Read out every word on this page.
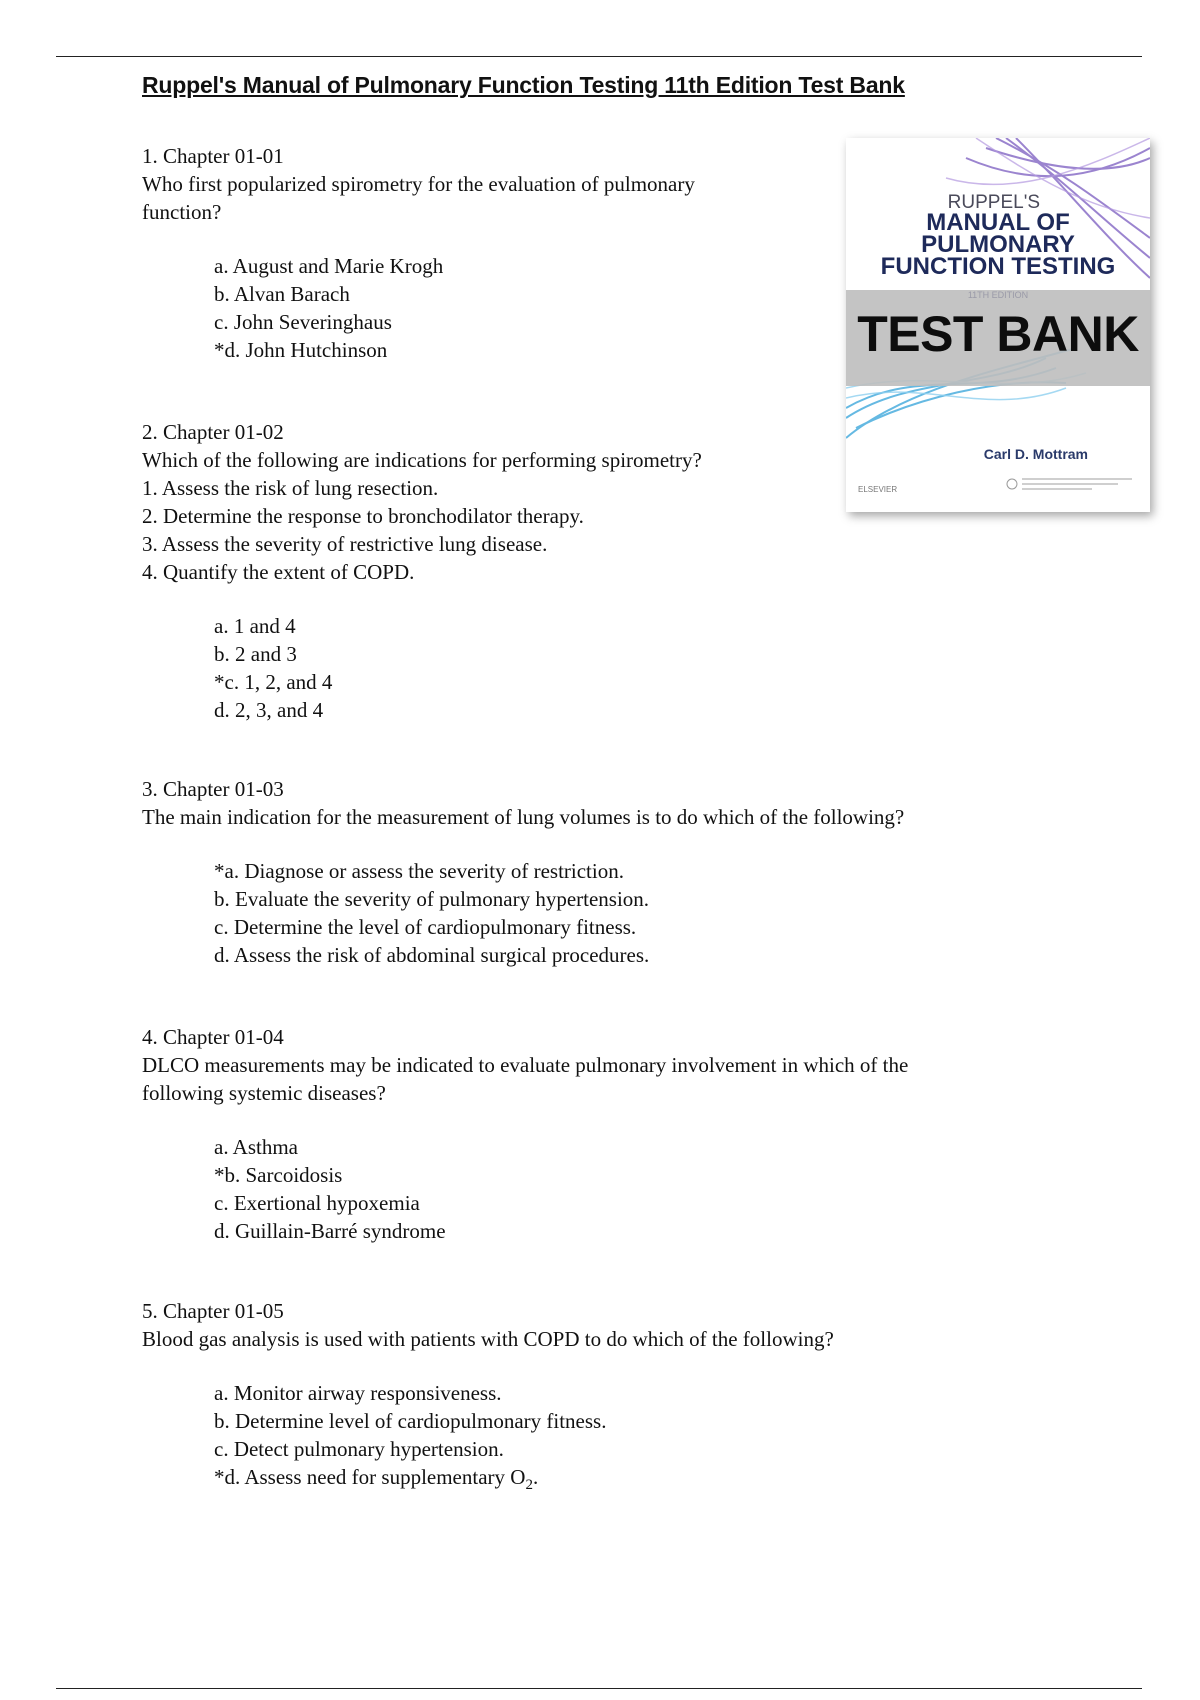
Ruppel's Manual of Pulmonary Function Testing 11th Edition Test Bank
1. Chapter 01-01
Who first popularized spirometry for the evaluation of pulmonary
function?
a. August and Marie Krogh
b. Alvan Barach
c. John Severinghaus
*d. John Hutchinson
2. Chapter 01-02
Which of the following are indications for performing spirometry?
1. Assess the risk of lung resection.
2. Determine the response to bronchodilator therapy.
3. Assess the severity of restrictive lung disease.
4. Quantify the extent of COPD.
a. 1 and 4
b. 2 and 3
*c. 1, 2, and 4
d. 2, 3, and 4
3. Chapter 01-03
The main indication for the measurement of lung volumes is to do which of the following?
*a. Diagnose or assess the severity of restriction.
b. Evaluate the severity of pulmonary hypertension.
c. Determine the level of cardiopulmonary fitness.
d. Assess the risk of abdominal surgical procedures.
4. Chapter 01-04
DLCO measurements may be indicated to evaluate pulmonary involvement in which of the
following systemic diseases?
a. Asthma
*b. Sarcoidosis
c. Exertional hypoxemia
d. Guillain-Barré syndrome
5. Chapter 01-05
Blood gas analysis is used with patients with COPD to do which of the following?
a. Monitor airway responsiveness.
b. Determine level of cardiopulmonary fitness.
c. Detect pulmonary hypertension.
*d. Assess need for supplementary $O_2$.
RUPPEL'S
MANUAL OF
PULMONARY
FUNCTION TESTING
11TH EDITION
TEST BANK
Carl D. Mottram
ELSEVIER
